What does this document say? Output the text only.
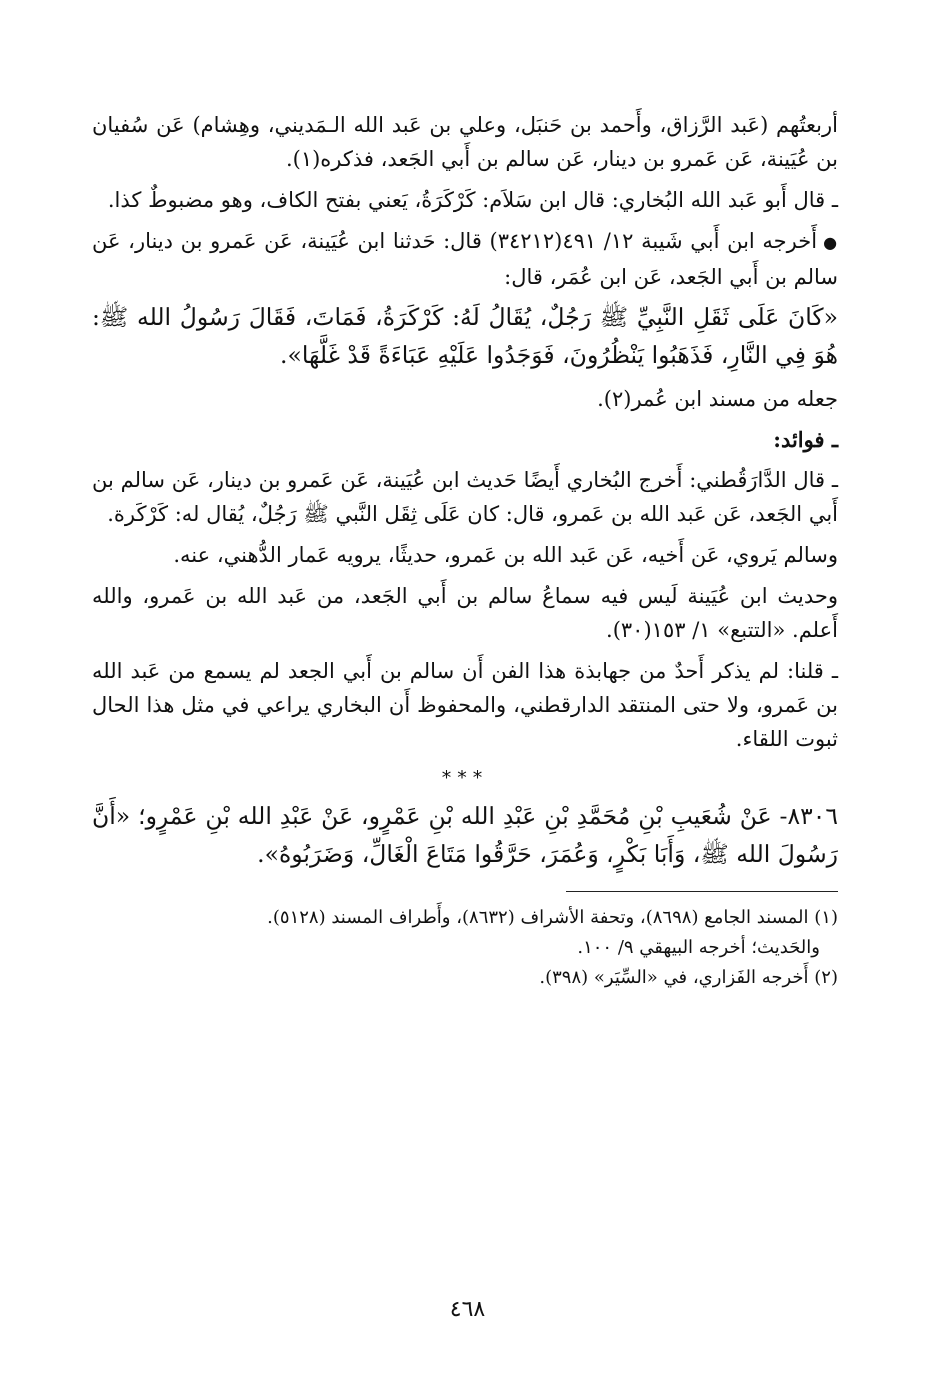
أربعتُهم (عَبد الرَّزاق، وأَحمد بن حَنبَل، وعلي بن عَبد الله الـمَديني، وهِشام) عَن سُفيان بن عُيَينة، عَن عَمرو بن دينار، عَن سالم بن أَبي الجَعد، فذكره(١).

ـ قال أَبو عَبد الله البُخاري: قال ابن سَلاَم: كَرْكَرَةُ، يَعني بفتح الكاف، وهو مضبوطٌ كذا.

●أَخرجه ابن أَبي شَيبة ١٢/ ٤٩١(٣٤٢١٢) قال: حَدثنا ابن عُيَينة، عَن عَمرو بن دينار، عَن سالم بن أَبي الجَعد، عَن ابن عُمَر، قال:

«كَانَ عَلَى ثَقَلِ النَّبِيِّ ﷺ رَجُلٌ، يُقَالُ لَهُ: كَرْكَرَةُ، فَمَاتَ، فَقَالَ رَسُولُ الله ﷺ: هُوَ فِي النَّارِ، فَذَهَبُوا يَنْظُرُونَ، فَوَجَدُوا عَلَيْهِ عَبَاءَةً قَدْ غَلَّهَا».

جعله من مسند ابن عُمر(٢).

ـ فوائد:

ـ قال الدَّارَقُطني: أَخرج البُخاري أَيضًا حَديث ابن عُيَينة، عَن عَمرو بن دينار، عَن سالم بن أَبي الجَعد، عَن عَبد الله بن عَمرو، قال: كان عَلَى ثِقَل النَّبي ﷺ رَجُلٌ، يُقال له: كَرْكَرة.

وسالم يَروي، عَن أَخيه، عَن عَبد الله بن عَمرو، حديثًا، يرويه عَمار الدُّهني، عنه.

وحديث ابن عُيَينة لَيس فيه سماعُ سالم بن أَبي الجَعد، من عَبد الله بن عَمرو، والله أَعلم. «التتبع» ١/ ١٥٣(٣٠).

ـ قلنا: لم يذكر أَحدٌ من جهابذة هذا الفن أَن سالم بن أَبي الجعد لم يسمع من عَبد الله بن عَمرو، ولا حتى المنتقد الدارقطني، والمحفوظ أَن البخاري يراعي في مثل هذا الحال ثبوت اللقاء.

***

٨٣٠٦- عَنْ شُعَيبِ بْنِ مُحَمَّدِ بْنِ عَبْدِ الله بْنِ عَمْرٍو، عَنْ عَبْدِ الله بْنِ عَمْرٍو؛ «أَنَّ رَسُولَ الله ﷺ، وَأَبَا بَكْرٍ، وَعُمَرَ، حَرَّقُوا مَتَاعَ الْغَالِّ، وَضَرَبُوهُ».

(١) المسند الجامع (٨٦٩٨)، وتحفة الأشراف (٨٦٣٢)، وأَطراف المسند (٥١٢٨).

والحَديث؛ أخرجه البيهقي ٩/ ١٠٠.

(٢) أَخرجه الفَزاري، في «السِّيَر» (٣٩٨).

٤٦٨
